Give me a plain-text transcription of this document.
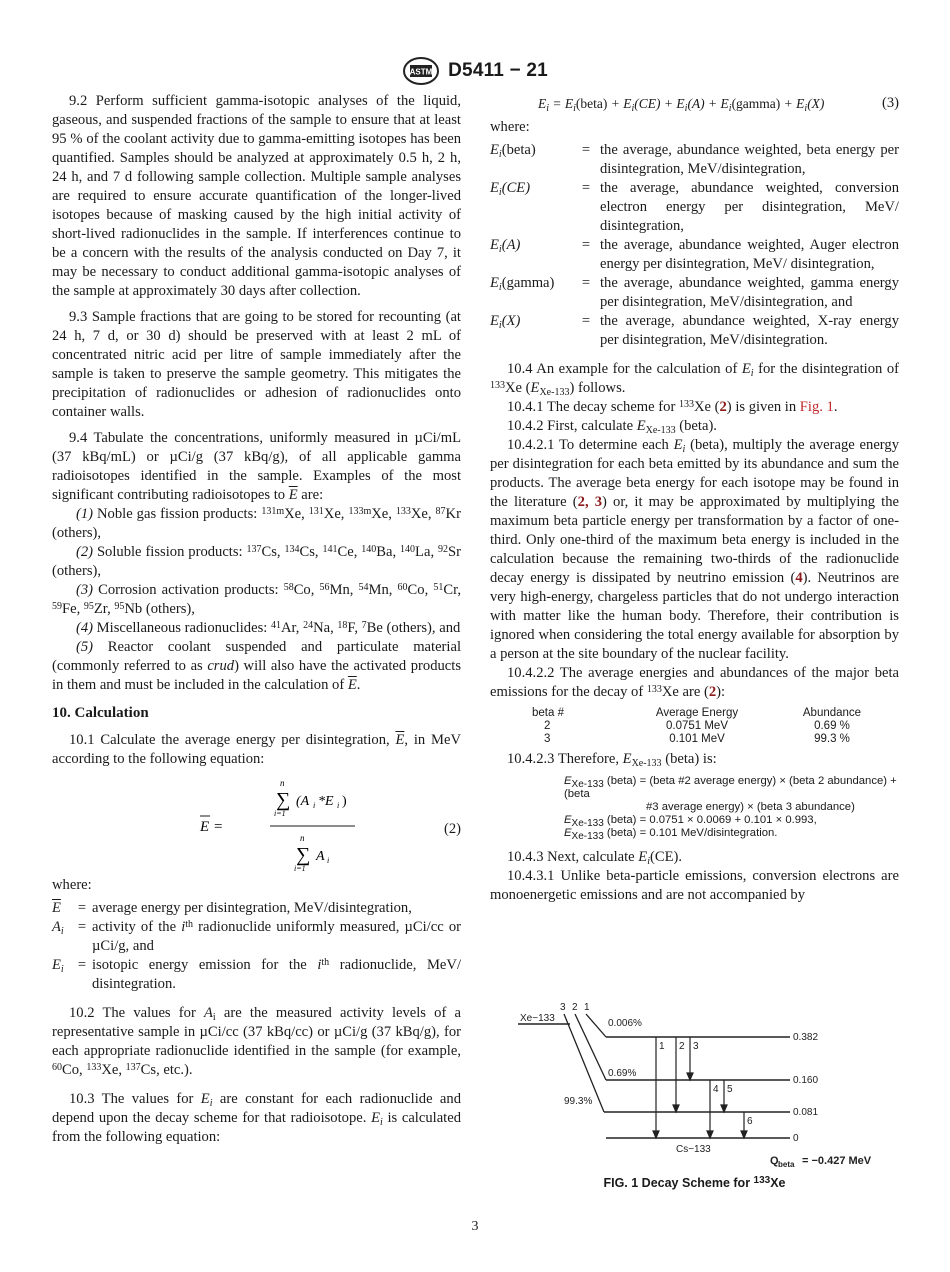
ASTM D5411 − 21

9.2 Perform sufficient gamma-isotopic analyses of the liquid, gaseous, and suspended fractions of the sample to ensure that at least 95 % of the coolant activity due to gamma-emitting isotopes has been quantified. Samples should be analyzed at approximately 0.5 h, 2 h, 24 h, and 7 d following sample collection. Multiple sample analyses are required to ensure accurate quantification of the longer-lived isotopes because of masking caused by the high initial activity of short-lived radionuclides in the sample. If interferences continue to be a concern with the results of the analysis conducted on Day 7, it may be necessary to conduct additional gamma-isotopic analyses of the sample at approximately 30 days after collection.

9.3 Sample fractions that are going to be stored for recounting (at 24 h, 7 d, or 30 d) should be preserved with at least 2 mL of concentrated nitric acid per litre of sample immediately after the sample is taken to preserve the sample geometry. This mitigates the precipitation of radionuclides or adhesion of radionuclides onto container walls.

9.4 Tabulate the concentrations, uniformly measured in µCi/mL (37 kBq/mL) or µCi/g (37 kBq/g), of all applicable gamma radioisotopes identified in the sample. Examples of the most significant contributing radioisotopes to $\overline{E}$ are:

(1) Noble gas fission products: $^{131m}$Xe, $^{131}$Xe, $^{133m}$Xe, $^{133}$Xe, $^{87}$Kr (others),

(2) Soluble fission products: $^{137}$Cs, $^{134}$Cs, $^{141}$Ce, $^{140}$Ba, $^{140}$La, $^{92}$Sr (others),

(3) Corrosion activation products: $^{58}$Co, $^{56}$Mn, $^{54}$Mn, $^{60}$Co, $^{51}$Cr, $^{59}$Fe, $^{95}$Zr, $^{95}$Nb (others),

(4) Miscellaneous radionuclides: $^{41}$Ar, $^{24}$Na, $^{18}$F, $^7$Be (others), and

(5) Reactor coolant suspended and particulate material (commonly referred to as crud) will also have the activated products in them and must be included in the calculation of $\overline{E}$.

10. Calculation

10.1 Calculate the average energy per disintegration, $\overline{E}$, in MeV according to the following equation:

E =
n
∑
i=1
(A i *E i )
n
∑
i=1
A i
(2)

where:

$\overline{E}$	=	average energy per disintegration, MeV/disintegration,
$A_i$	=	activity of the $i^{th}$ radionuclide uniformly measured, µCi/cc or µCi/g, and
$E_i$	=	isotopic energy emission for the $i^{th}$ radionuclide, MeV/ disintegration.

10.2 The values for $A_i$ are the measured activity levels of a representative sample in µCi/cc (37 kBq/cc) or µCi/g (37 kBq/g), for each appropriate radionuclide identified in the sample (for example, $^{60}$Co, $^{133}$Xe, $^{137}$Cs, etc.).

10.3 The values for $E_i$ are constant for each radionuclide and depend upon the decay scheme for that radioisotope. $E_i$ is calculated from the following equation:

$E_i$ = $E_i(beta) + E_i(CE) + E_i(A)$ + $E_i(gamma) + E_i(X)$	(3)

where:

$E_i(beta)$	=	the average, abundance weighted, beta energy per disintegration, MeV/disintegration,
$E_i(CE)$	=	the average, abundance weighted, conversion electron energy per disintegration, MeV/ disintegration,
$E_i(A)$	=	the average, abundance weighted, Auger electron energy per disintegration, MeV/ disintegration,
$E_i(gamma)$	=	the average, abundance weighted, gamma energy per disintegration, MeV/disintegration, and
$E_i(X)$	=	the average, abundance weighted, X-ray energy per disintegration, MeV/disintegration.

10.4 An example for the calculation of $E_i$ for the disintegration of $^{133}$Xe $(E_{Xe-133})$ follows.

10.4.1 The decay scheme for $^{133}$Xe (2) is given in Fig. 1.

10.4.2 First, calculate $E_{Xe-133}$ (beta).

10.4.2.1 To determine each $E_i$ (beta), multiply the average energy per disintegration for each beta emitted by its abundance and sum the products. The average beta energy for each isotope may be found in the literature (2, 3) or, it may be approximated by multiplying the maximum beta particle energy per transformation by a factor of one-third. Only one-third of the maximum beta energy is included in the calculation because the remaining two-thirds of the radionuclide decay energy is dissipated by neutrino emission (4). Neutrinos are very high-energy, chargeless particles that do not undergo interaction with matter like the human body. Therefore, their contribution is ignored when considering the total energy available for absorption by a person at the site boundary of the nuclear facility.

10.4.2.2 The average energies and abundances of the major beta emissions for the decay of $^{133}$Xe are (2):

beta #	Average Energy	Abundance
2	0.0751 MeV	0.69 %
3	0.101 MeV	99.3 %

10.4.2.3 Therefore, $E_{Xe-133}$ (beta) is:

$E_{Xe-133}$ (beta) = (beta #2 average energy) × (beta 2 abundance) + (beta
#3 average energy) × (beta 3 abundance)
$E_{Xe-133}$ (beta) = 0.0751 × 0.0069 + 0.101 × 0.993,
$E_{Xe-133}$ (beta) = 0.101 MeV/disintegration.

10.4.3 Next, calculate $E_i(CE)$.

10.4.3.1 Unlike beta-particle emissions, conversion electrons are monoenergetic emissions and are not accompanied by

Xe−133
3 2 1
0.382
0.160
0.081
0
0.006%
0.69%
99.3%
1 2 3
4 5
6
Cs−133
Q beta = −0.427 MeV
FIG. 1 Decay Scheme for $^{133}$Xe
3
